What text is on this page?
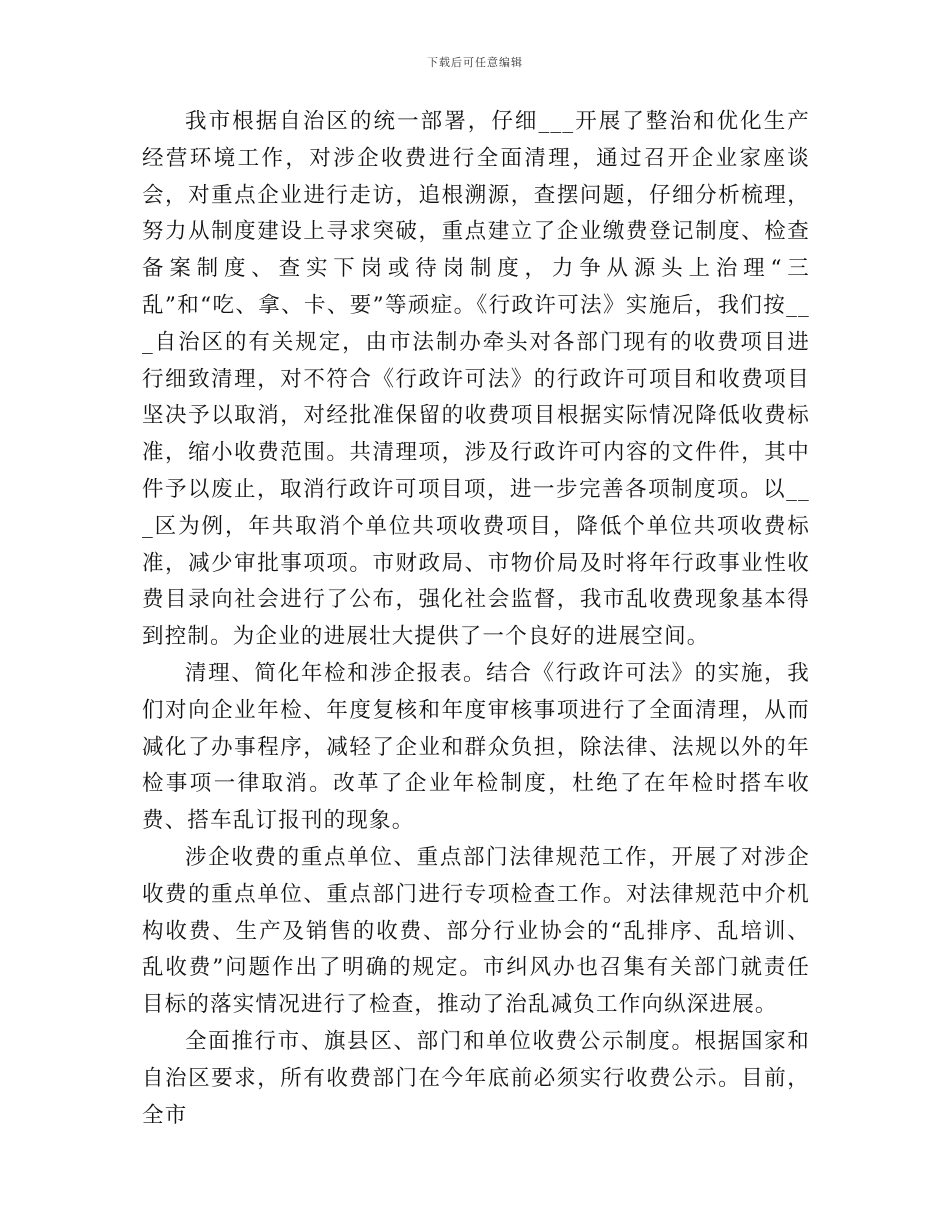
下载后可任意编辑

我市根据自治区的统一部署，仔细___开展了整治和优化生产经营环境工作，对涉企收费进行全面清理，通过召开企业家座谈会，对重点企业进行走访，追根溯源，查摆问题，仔细分析梳理，努力从制度建设上寻求突破，重点建立了企业缴费登记制度、检查备案制度、查实下岗或待岗制度，力争从源头上治理“三乱”和“吃、拿、卡、要”等顽症。《行政许可法》实施后，我们按___自治区的有关规定，由市法制办牵头对各部门现有的收费项目进行细致清理，对不符合《行政许可法》的行政许可项目和收费项目坚决予以取消，对经批准保留的收费项目根据实际情况降低收费标准，缩小收费范围。共清理项，涉及行政许可内容的文件件，其中件予以废止，取消行政许可项目项，进一步完善各项制度项。以___区为例，年共取消个单位共项收费项目，降低个单位共项收费标准，减少审批事项项。市财政局、市物价局及时将年行政事业性收费目录向社会进行了公布，强化社会监督，我市乱收费现象基本得到控制。为企业的进展壮大提供了一个良好的进展空间。

清理、简化年检和涉企报表。结合《行政许可法》的实施，我们对向企业年检、年度复核和年度审核事项进行了全面清理，从而减化了办事程序，减轻了企业和群众负担，除法律、法规以外的年检事项一律取消。改革了企业年检制度，杜绝了在年检时搭车收费、搭车乱订报刊的现象。

涉企收费的重点单位、重点部门法律规范工作，开展了对涉企收费的重点单位、重点部门进行专项检查工作。对法律规范中介机构收费、生产及销售的收费、部分行业协会的“乱排序、乱培训、乱收费”问题作出了明确的规定。市纠风办也召集有关部门就责任目标的落实情况进行了检查，推动了治乱减负工作向纵深进展。

全面推行市、旗县区、部门和单位收费公示制度。根据国家和自治区要求，所有收费部门在今年底前必须实行收费公示。目前，全市
